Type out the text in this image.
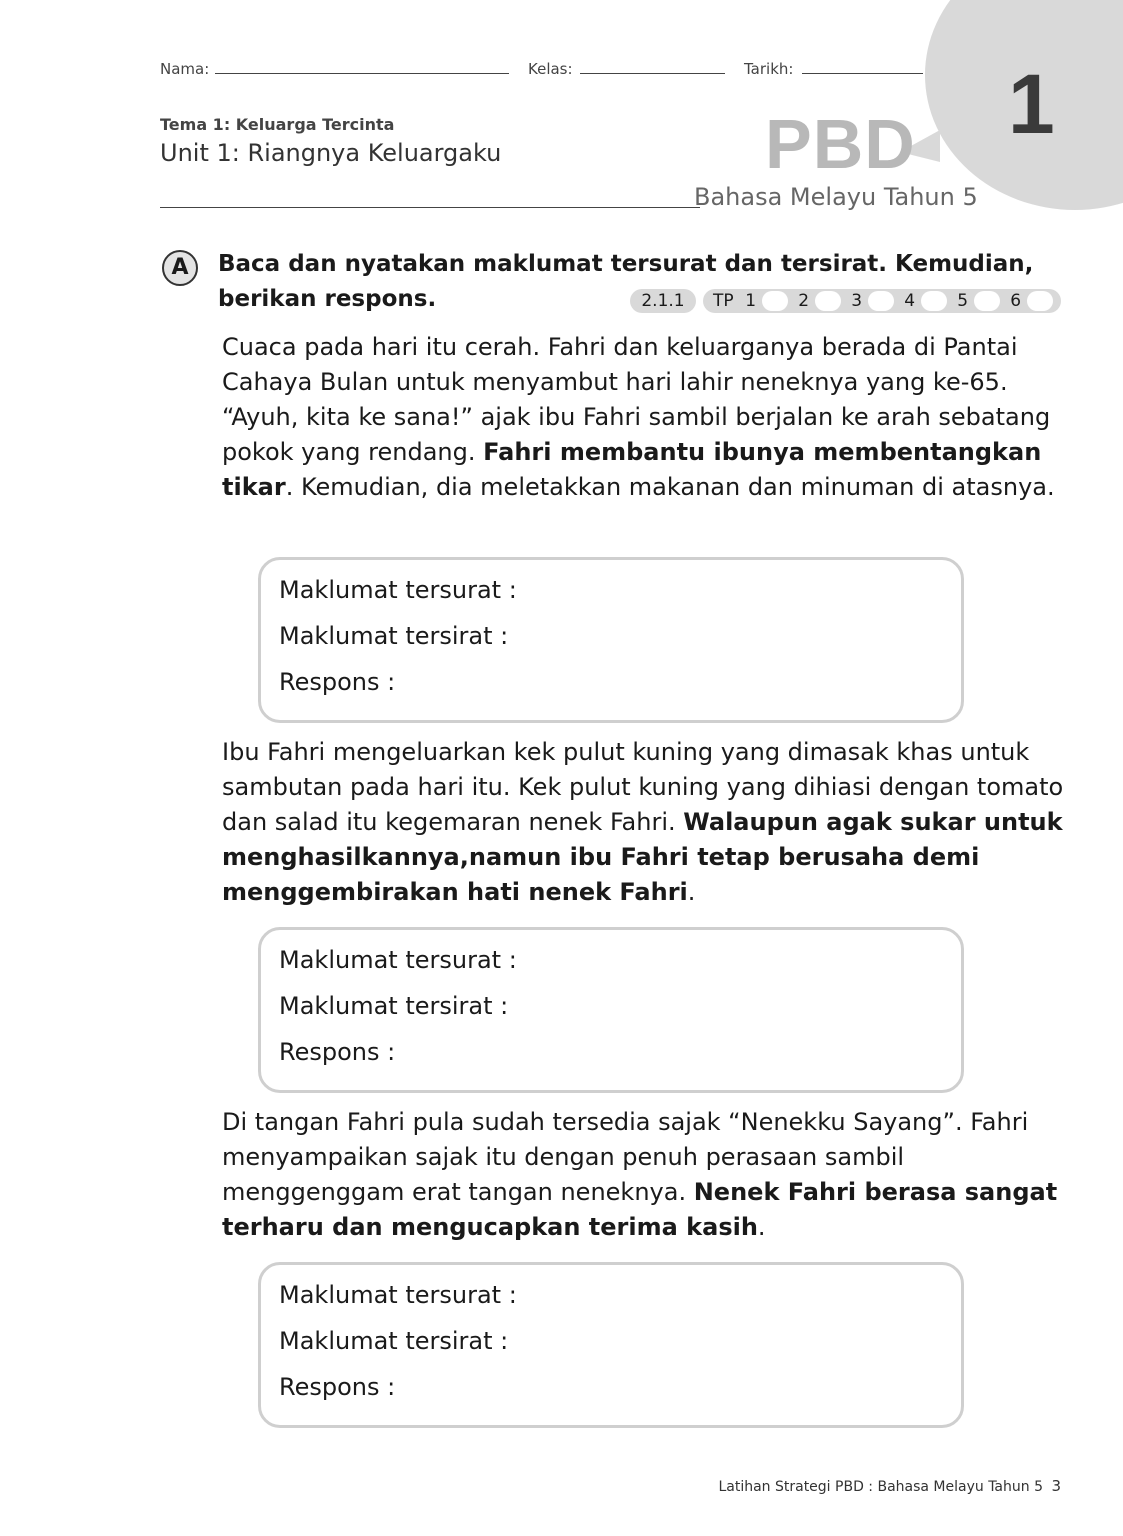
1
Nama:	Kelas:	Tarikh:
Tema 1: Keluarga Tercinta
Unit 1: Riangnya Keluargaku	PBD
Bahasa Melayu Tahun 5
A	Baca dan nyatakan maklumat tersurat dan tersirat. Kemudian,
berikan respons.	2.1.1	TP 1	2	3	4	5	6
Cuaca pada hari itu cerah. Fahri dan keluarganya berada di Pantai Cahaya Bulan untuk menyambut hari lahir neneknya yang ke-65.
“Ayuh, kita ke sana!” ajak ibu Fahri sambil berjalan ke arah sebatang pokok yang rendang. Fahri membantu ibunya membentangkan tikar. Kemudian, dia meletakkan makanan dan minuman di atasnya.
Maklumat tersurat :
Maklumat tersirat :
Respons :
Ibu Fahri mengeluarkan kek pulut kuning yang dimasak khas untuk sambutan pada hari itu. Kek pulut kuning yang dihiasi dengan tomato dan salad itu kegemaran nenek Fahri. Walaupun agak sukar untuk menghasilkannya,namun ibu Fahri tetap berusaha demi menggembirakan hati nenek Fahri.
Maklumat tersurat :
Maklumat tersirat :
Respons :
Di tangan Fahri pula sudah tersedia sajak “Nenekku Sayang”. Fahri menyampaikan sajak itu dengan penuh perasaan sambil menggenggam erat tangan neneknya. Nenek Fahri berasa sangat terharu dan mengucapkan terima kasih.
Maklumat tersurat :
Maklumat tersirat :
Respons :
Latihan Strategi PBD : Bahasa Melayu Tahun 5 3
